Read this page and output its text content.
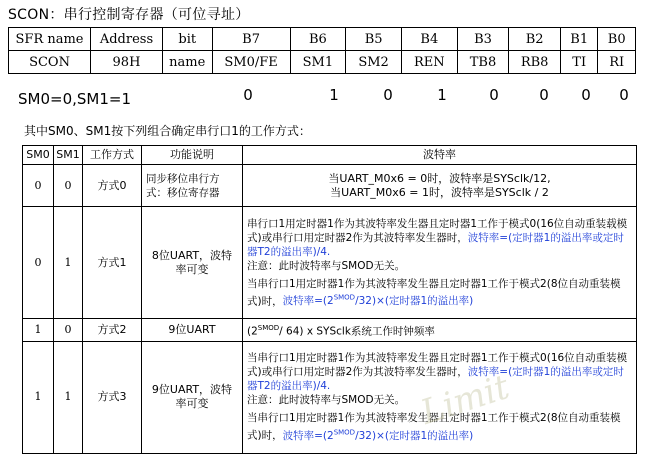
SCON：串行控制寄存器（可位寻址）
SFR name	Address	bit	B7	B6	B5	B4	B3	B2	B1	B0
SCON	98H	name	SM0/FE	SM1	SM2	REN	TB8	RB8	TI	RI
SM0=0,SM1=1	0	1	0	1	0	0	0	0
其中SM0、SM1按下列组合确定串行口1的工作方式：
SM0	SM1	工作方式	功能说明	波特率
0	0	方式0	同步移位串行方式：移位寄存器	当UART_M0x6 = 0时，波特率是SYSclk/12,
当UART_M0x6 = 1时，波特率是SYSclk / 2

0	1	方式1	8位UART，波特率可变	串行口1用定时器1作为其波特率发生器且定时器1工作于模式0(16位自动重装载模式)或串行口用定时器2作为其波特率发生器时，波特率=(定时器1的溢出率或定时器T2的溢出率)/4.
注意：此时波特率与SMOD无关。
当串行口1用定时器1作为其波特率发生器且定时器1工作于模式2(8位自动重装模式)时，波特率$=(2^{SMOD}/32)\times$(定时器1的溢出率)

1	0	方式2	9位UART	($2^{SMOD}/$ 64) x SYSclk系统工作时钟频率
1	1	方式3	9位UART，波特率可变	当串行口1用定时器1作为其波特率发生器且定时器1工作于模式0(16位自动重装模式)或串行口用定时器2作为其波特率发生器时，波特率=(定时器1的溢出率或定时器T2的溢出率)/4.
注意：此时波特率与SMOD无关。
当串行口1用定时器1作为其波特率发生器且定时器1工作于模式2(8位自动重装模式)时，波特率$=(2^{SMOD}/32)\times$(定时器1的溢出率)
Limit
